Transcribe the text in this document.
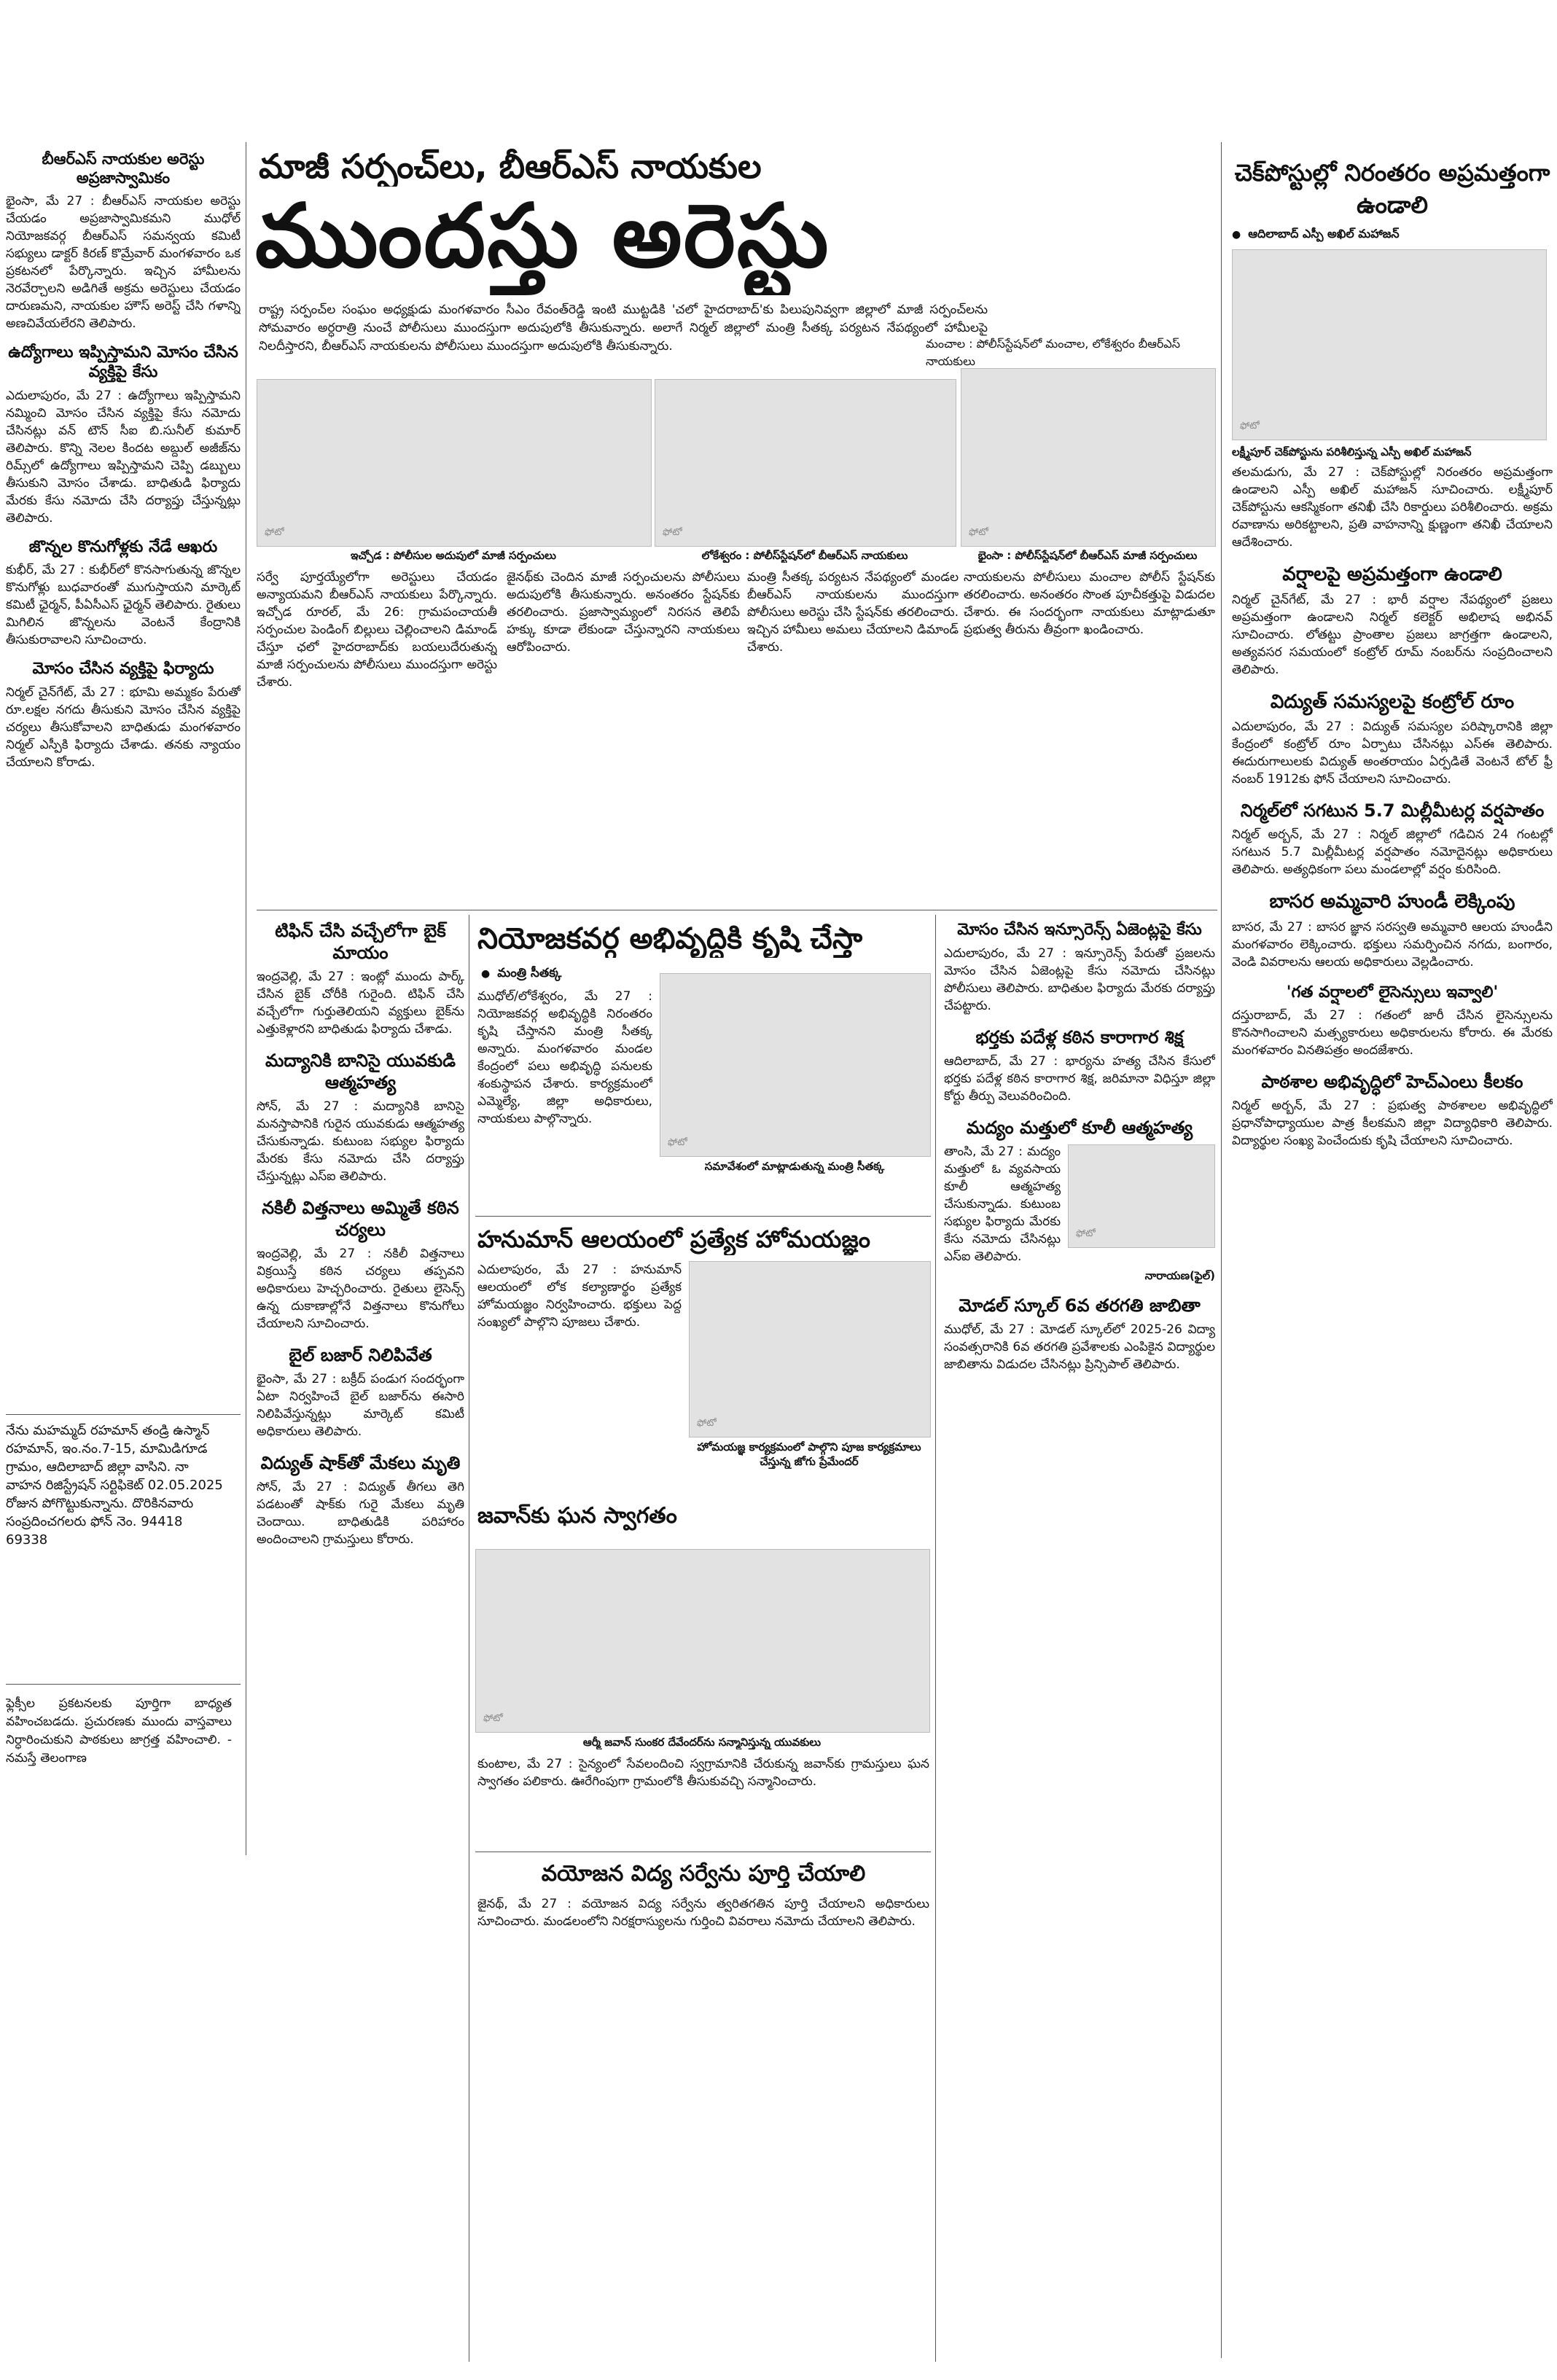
బీఆర్ఎస్ నాయకుల అరెస్టు అప్రజాస్వామికం
భైంసా, మే 27 : బీఆర్ఎస్ నాయకుల అరెస్టు చేయడం అప్రజాస్వామికమని ముధోల్ నియోజకవర్గ బీఆర్ఎస్ సమన్వయ కమిటీ సభ్యులు డాక్టర్ కిరణ్ కొమ్రేవార్ మంగళవారం ఒక ప్రకటనలో పేర్కొన్నారు. ఇచ్చిన హామీలను నెరవేర్చాలని అడిగితే అక్రమ అరెస్టులు చేయడం దారుణమని, నాయకుల హౌస్ అరెస్ట్ చేసి గళాన్ని అణచివేయలేరని తెలిపారు.
ఉద్యోగాలు ఇప్పిస్తామని మోసం చేసిన వ్యక్తిపై కేసు
ఎదులాపురం, మే 27 : ఉద్యోగాలు ఇప్పిస్తామని నమ్మించి మోసం చేసిన వ్యక్తిపై కేసు నమోదు చేసినట్లు వన్ టౌన్ సీఐ బి.సునీల్ కుమార్ తెలిపారు. కొన్ని నెలల కిందట అబ్దుల్ అజీజ్‌ను రిమ్స్‌లో ఉద్యోగాలు ఇప్పిస్తామని చెప్పి డబ్బులు తీసుకుని మోసం చేశాడు. బాధితుడి ఫిర్యాదు మేరకు కేసు నమోదు చేసి దర్యాప్తు చేస్తున్నట్లు తెలిపారు.
జొన్నల కొనుగోళ్లకు నేడే ఆఖరు
కుభీర్, మే 27 : కుభీర్‌లో కొనసాగుతున్న జొన్నల కొనుగోళ్లు బుధవారంతో ముగుస్తాయని మార్కెట్ కమిటీ ఛైర్మన్, పీఏసీఎస్ ఛైర్మన్ తెలిపారు. రైతులు మిగిలిన జొన్నలను వెంటనే కేంద్రానికి తీసుకురావాలని సూచించారు.
మోసం చేసిన వ్యక్తిపై ఫిర్యాదు
నిర్మల్ చైన్‌గేట్, మే 27 : భూమి అమ్మకం పేరుతో రూ.లక్షల నగదు తీసుకుని మోసం చేసిన వ్యక్తిపై చర్యలు తీసుకోవాలని బాధితుడు మంగళవారం నిర్మల్ ఎస్పీకి ఫిర్యాదు చేశాడు. తనకు న్యాయం చేయాలని కోరాడు.
నేను మహమ్మద్ రహమాన్ తండ్రి ఉస్మాన్ రహమాన్, ఇం.నం.7-15, మామిడిగూడ గ్రామం, ఆదిలాబాద్ జిల్లా వాసిని. నా వాహన రిజిస్ట్రేషన్ సర్టిఫికెట్ 02.05.2025 రోజున పోగొట్టుకున్నాను. దొరికినవారు సంప్రదించగలరు ఫోన్ నెం. 94418 69338
ఫ్లెక్సీల ప్రకటనలకు పూర్తిగా బాధ్యత వహించబడదు. ప్రచురణకు ముందు వాస్తవాలు నిర్ధారించుకుని పాఠకులు జాగ్రత్త వహించాలి. - నమస్తే తెలంగాణ
మాజీ సర్పంచ్‌లు, బీఆర్ఎస్ నాయకుల
ముందస్తు అరెస్టు
రాష్ట్ర సర్పంచ్‌ల సంఘం అధ్యక్షుడు మంగళవారం సీఎం రేవంత్‌రెడ్డి ఇంటి ముట్టడికి 'చలో హైదరాబాద్'కు పిలుపునివ్వగా జిల్లాలో మాజీ సర్పంచ్‌లను సోమవారం అర్ధరాత్రి నుంచే పోలీసులు ముందస్తుగా అదుపులోకి తీసుకున్నారు. అలాగే నిర్మల్ జిల్లాలో మంత్రి సీతక్క పర్యటన నేపథ్యంలో హామీలపై నిలదీస్తారని, బీఆర్ఎస్ నాయకులను పోలీసులు ముందస్తుగా అదుపులోకి తీసుకున్నారు.	మంచాల : పోలీస్‌స్టేషన్‌లో మంచాల, లోకేశ్వరం బీఆర్ఎస్ నాయకులు
ఫోటో	ఫోటో	ఫోటో
ఇచ్చోడ : పోలీసుల అదుపులో మాజీ సర్పంచులు	లోకేశ్వరం : పోలీస్‌స్టేషన్‌లో బీఆర్ఎస్ నాయకులు	భైంసా : పోలీస్‌స్టేషన్‌లో బీఆర్ఎస్ మాజీ సర్పంచులు
సర్వే పూర్తయ్యేలోగా అరెస్టులు చేయడం అన్యాయమని బీఆర్ఎస్ నాయకులు పేర్కొన్నారు. ఇచ్చోడ రూరల్, మే 26: గ్రామపంచాయతీ సర్పంచుల పెండింగ్ బిల్లులు చెల్లించాలని డిమాండ్ చేస్తూ ఛలో హైదరాబాద్‌కు బయలుదేరుతున్న మాజీ సర్పంచులను పోలీసులు ముందస్తుగా అరెస్టు చేశారు.
జైనథ్‌కు చెందిన మాజీ సర్పంచులను పోలీసులు అదుపులోకి తీసుకున్నారు. అనంతరం స్టేషన్‌కు తరలించారు. ప్రజాస్వామ్యంలో నిరసన తెలిపే హక్కు కూడా లేకుండా చేస్తున్నారని నాయకులు ఆరోపించారు.
మంత్రి సీతక్క పర్యటన నేపథ్యంలో మండల బీఆర్ఎస్ నాయకులను ముందస్తుగా పోలీసులు అరెస్టు చేసి స్టేషన్‌కు తరలించారు. ఇచ్చిన హామీలు అమలు చేయాలని డిమాండ్ చేశారు.
నాయకులను పోలీసులు మంచాల పోలీస్ స్టేషన్‌కు తరలించారు. అనంతరం సొంత పూచీకత్తుపై విడుదల చేశారు. ఈ సందర్భంగా నాయకులు మాట్లాడుతూ ప్రభుత్వ తీరును తీవ్రంగా ఖండించారు.
చెక్‌పోస్టుల్లో నిరంతరం అప్రమత్తంగా ఉండాలి
● ఆదిలాబాద్ ఎస్పీ అఖిల్ మహాజన్
ఫోటో
లక్ష్మీపూర్ చెక్‌పోస్టును పరిశీలిస్తున్న ఎస్పీ అఖిల్ మహాజన్
తలమడుగు, మే 27 : చెక్‌పోస్టుల్లో నిరంతరం అప్రమత్తంగా ఉండాలని ఎస్పీ అఖిల్ మహాజన్ సూచించారు. లక్ష్మీపూర్ చెక్‌పోస్టును ఆకస్మికంగా తనిఖీ చేసి రికార్డులు పరిశీలించారు. అక్రమ రవాణాను అరికట్టాలని, ప్రతి వాహనాన్ని క్షుణ్ణంగా తనిఖీ చేయాలని ఆదేశించారు.
వర్షాలపై అప్రమత్తంగా ఉండాలి
నిర్మల్ చైన్‌గేట్, మే 27 : భారీ వర్షాల నేపథ్యంలో ప్రజలు అప్రమత్తంగా ఉండాలని నిర్మల్ కలెక్టర్ అభిలాష అభినవ్ సూచించారు. లోతట్టు ప్రాంతాల ప్రజలు జాగ్రత్తగా ఉండాలని, అత్యవసర సమయంలో కంట్రోల్ రూమ్ నంబర్‌ను సంప్రదించాలని తెలిపారు.
విద్యుత్ సమస్యలపై కంట్రోల్ రూం
ఎదులాపురం, మే 27 : విద్యుత్ సమస్యల పరిష్కారానికి జిల్లా కేంద్రంలో కంట్రోల్ రూం ఏర్పాటు చేసినట్లు ఎస్ఈ తెలిపారు. ఈదురుగాలులకు విద్యుత్ అంతరాయం ఏర్పడితే వెంటనే టోల్ ఫ్రీ నంబర్ 1912కు ఫోన్ చేయాలని సూచించారు.
నిర్మల్‌లో సగటున 5.7 మిల్లీమీటర్ల వర్షపాతం
నిర్మల్ అర్బన్, మే 27 : నిర్మల్ జిల్లాలో గడిచిన 24 గంటల్లో సగటున 5.7 మిల్లీమీటర్ల వర్షపాతం నమోదైనట్లు అధికారులు తెలిపారు. అత్యధికంగా పలు మండలాల్లో వర్షం కురిసింది.
బాసర అమ్మవారి హుండీ లెక్కింపు
బాసర, మే 27 : బాసర జ్ఞాన సరస్వతి అమ్మవారి ఆలయ హుండీని మంగళవారం లెక్కించారు. భక్తులు సమర్పించిన నగదు, బంగారం, వెండి వివరాలను ఆలయ అధికారులు వెల్లడించారు.
'గత వర్షాలలో లైసెన్సులు ఇవ్వాలి'
దస్తురాబాద్, మే 27 : గతంలో జారీ చేసిన లైసెన్సులను కొనసాగించాలని మత్స్యకారులు అధికారులను కోరారు. ఈ మేరకు మంగళవారం వినతిపత్రం అందజేశారు.
పాఠశాల అభివృద్ధిలో హెచ్ఎంలు కీలకం
నిర్మల్ అర్బన్, మే 27 : ప్రభుత్వ పాఠశాలల అభివృద్ధిలో ప్రధానోపాధ్యాయుల పాత్ర కీలకమని జిల్లా విద్యాధికారి తెలిపారు. విద్యార్థుల సంఖ్య పెంచేందుకు కృషి చేయాలని సూచించారు.
టిఫిన్ చేసి వచ్చేలోగా బైక్ మాయం
ఇంద్రవెల్లి, మే 27 : ఇంట్లో ముందు పార్క్ చేసిన బైక్ చోరీకి గురైంది. టిఫిన్ చేసి వచ్చేలోగా గుర్తుతెలియని వ్యక్తులు బైక్‌ను ఎత్తుకెళ్లారని బాధితుడు ఫిర్యాదు చేశాడు.
మద్యానికి బానిసై యువకుడి ఆత్మహత్య
సోన్, మే 27 : మద్యానికి బానిసై మనస్తాపానికి గురైన యువకుడు ఆత్మహత్య చేసుకున్నాడు. కుటుంబ సభ్యుల ఫిర్యాదు మేరకు కేసు నమోదు చేసి దర్యాప్తు చేస్తున్నట్లు ఎస్ఐ తెలిపారు.
నకిలీ విత్తనాలు అమ్మితే కఠిన చర్యలు
ఇంద్రవెల్లి, మే 27 : నకిలీ విత్తనాలు విక్రయిస్తే కఠిన చర్యలు తప్పవని అధికారులు హెచ్చరించారు. రైతులు లైసెన్స్ ఉన్న దుకాణాల్లోనే విత్తనాలు కొనుగోలు చేయాలని సూచించారు.
బైల్ బజార్ నిలిపివేత
భైంసా, మే 27 : బక్రీద్ పండుగ సందర్భంగా ఏటా నిర్వహించే బైల్ బజార్‌ను ఈసారి నిలిపివేస్తున్నట్లు మార్కెట్ కమిటీ అధికారులు తెలిపారు.
విద్యుత్ షాక్‌తో మేకలు మృతి
సోన్, మే 27 : విద్యుత్ తీగలు తెగి పడటంతో షాక్‌కు గురై మేకలు మృతి చెందాయి. బాధితుడికి పరిహారం అందించాలని గ్రామస్తులు కోరారు.
నియోజకవర్గ అభివృద్ధికి కృషి చేస్తా
● మంత్రి సీతక్క
ముధోల్/లోకేశ్వరం, మే 27 : నియోజకవర్గ అభివృద్ధికి నిరంతరం కృషి చేస్తానని మంత్రి సీతక్క అన్నారు. మంగళవారం మండల కేంద్రంలో పలు అభివృద్ధి పనులకు శంకుస్థాపన చేశారు. కార్యక్రమంలో ఎమ్మెల్యే, జిల్లా అధికారులు, నాయకులు పాల్గొన్నారు.
ఫోటో
సమావేశంలో మాట్లాడుతున్న మంత్రి సీతక్క
హనుమాన్ ఆలయంలో ప్రత్యేక హోమయజ్ఞం
ఎదులాపురం, మే 27 : హనుమాన్ ఆలయంలో లోక కల్యాణార్థం ప్రత్యేక హోమయజ్ఞం నిర్వహించారు. భక్తులు పెద్ద సంఖ్యలో పాల్గొని పూజలు చేశారు.
ఫోటో
హోమయజ్ఞ కార్యక్రమంలో పాల్గొని పూజ కార్యక్రమాలు చేస్తున్న జోగు ప్రేమేందర్
జవాన్‌కు ఘన స్వాగతం
ఫోటో
ఆర్మీ జవాన్ సుంకర దేవేందర్‌ను సన్మానిస్తున్న యువకులు
కుంటాల, మే 27 : సైన్యంలో సేవలందించి స్వగ్రామానికి చేరుకున్న జవాన్‌కు గ్రామస్తులు ఘన స్వాగతం పలికారు. ఊరేగింపుగా గ్రామంలోకి తీసుకువచ్చి సన్మానించారు.
వయోజన విద్య సర్వేను పూర్తి చేయాలి
జైనథ్, మే 27 : వయోజన విద్య సర్వేను త్వరితగతిన పూర్తి చేయాలని అధికారులు సూచించారు. మండలంలోని నిరక్షరాస్యులను గుర్తించి వివరాలు నమోదు చేయాలని తెలిపారు.
మోసం చేసిన ఇన్సూరెన్స్ ఏజెంట్లపై కేసు
ఎదులాపురం, మే 27 : ఇన్సూరెన్స్ పేరుతో ప్రజలను మోసం చేసిన ఏజెంట్లపై కేసు నమోదు చేసినట్లు పోలీసులు తెలిపారు. బాధితుల ఫిర్యాదు మేరకు దర్యాప్తు చేపట్టారు.
భర్తకు పదేళ్ల కఠిన కారాగార శిక్ష
ఆదిలాబాద్, మే 27 : భార్యను హత్య చేసిన కేసులో భర్తకు పదేళ్ల కఠిన కారాగార శిక్ష, జరిమానా విధిస్తూ జిల్లా కోర్టు తీర్పు వెలువరించింది.
మద్యం మత్తులో కూలీ ఆత్మహత్య
ఫోటో
తాంసి, మే 27 : మద్యం మత్తులో ఓ వ్యవసాయ కూలీ ఆత్మహత్య చేసుకున్నాడు. కుటుంబ సభ్యుల ఫిర్యాదు మేరకు కేసు నమోదు చేసినట్లు ఎస్ఐ తెలిపారు.
నారాయణ(ఫైల్)
మోడల్ స్కూల్ 6వ తరగతి జాబితా
ముధోల్, మే 27 : మోడల్ స్కూల్‌లో 2025-26 విద్యా సంవత్సరానికి 6వ తరగతి ప్రవేశాలకు ఎంపికైన విద్యార్థుల జాబితాను విడుదల చేసినట్లు ప్రిన్సిపాల్ తెలిపారు.
